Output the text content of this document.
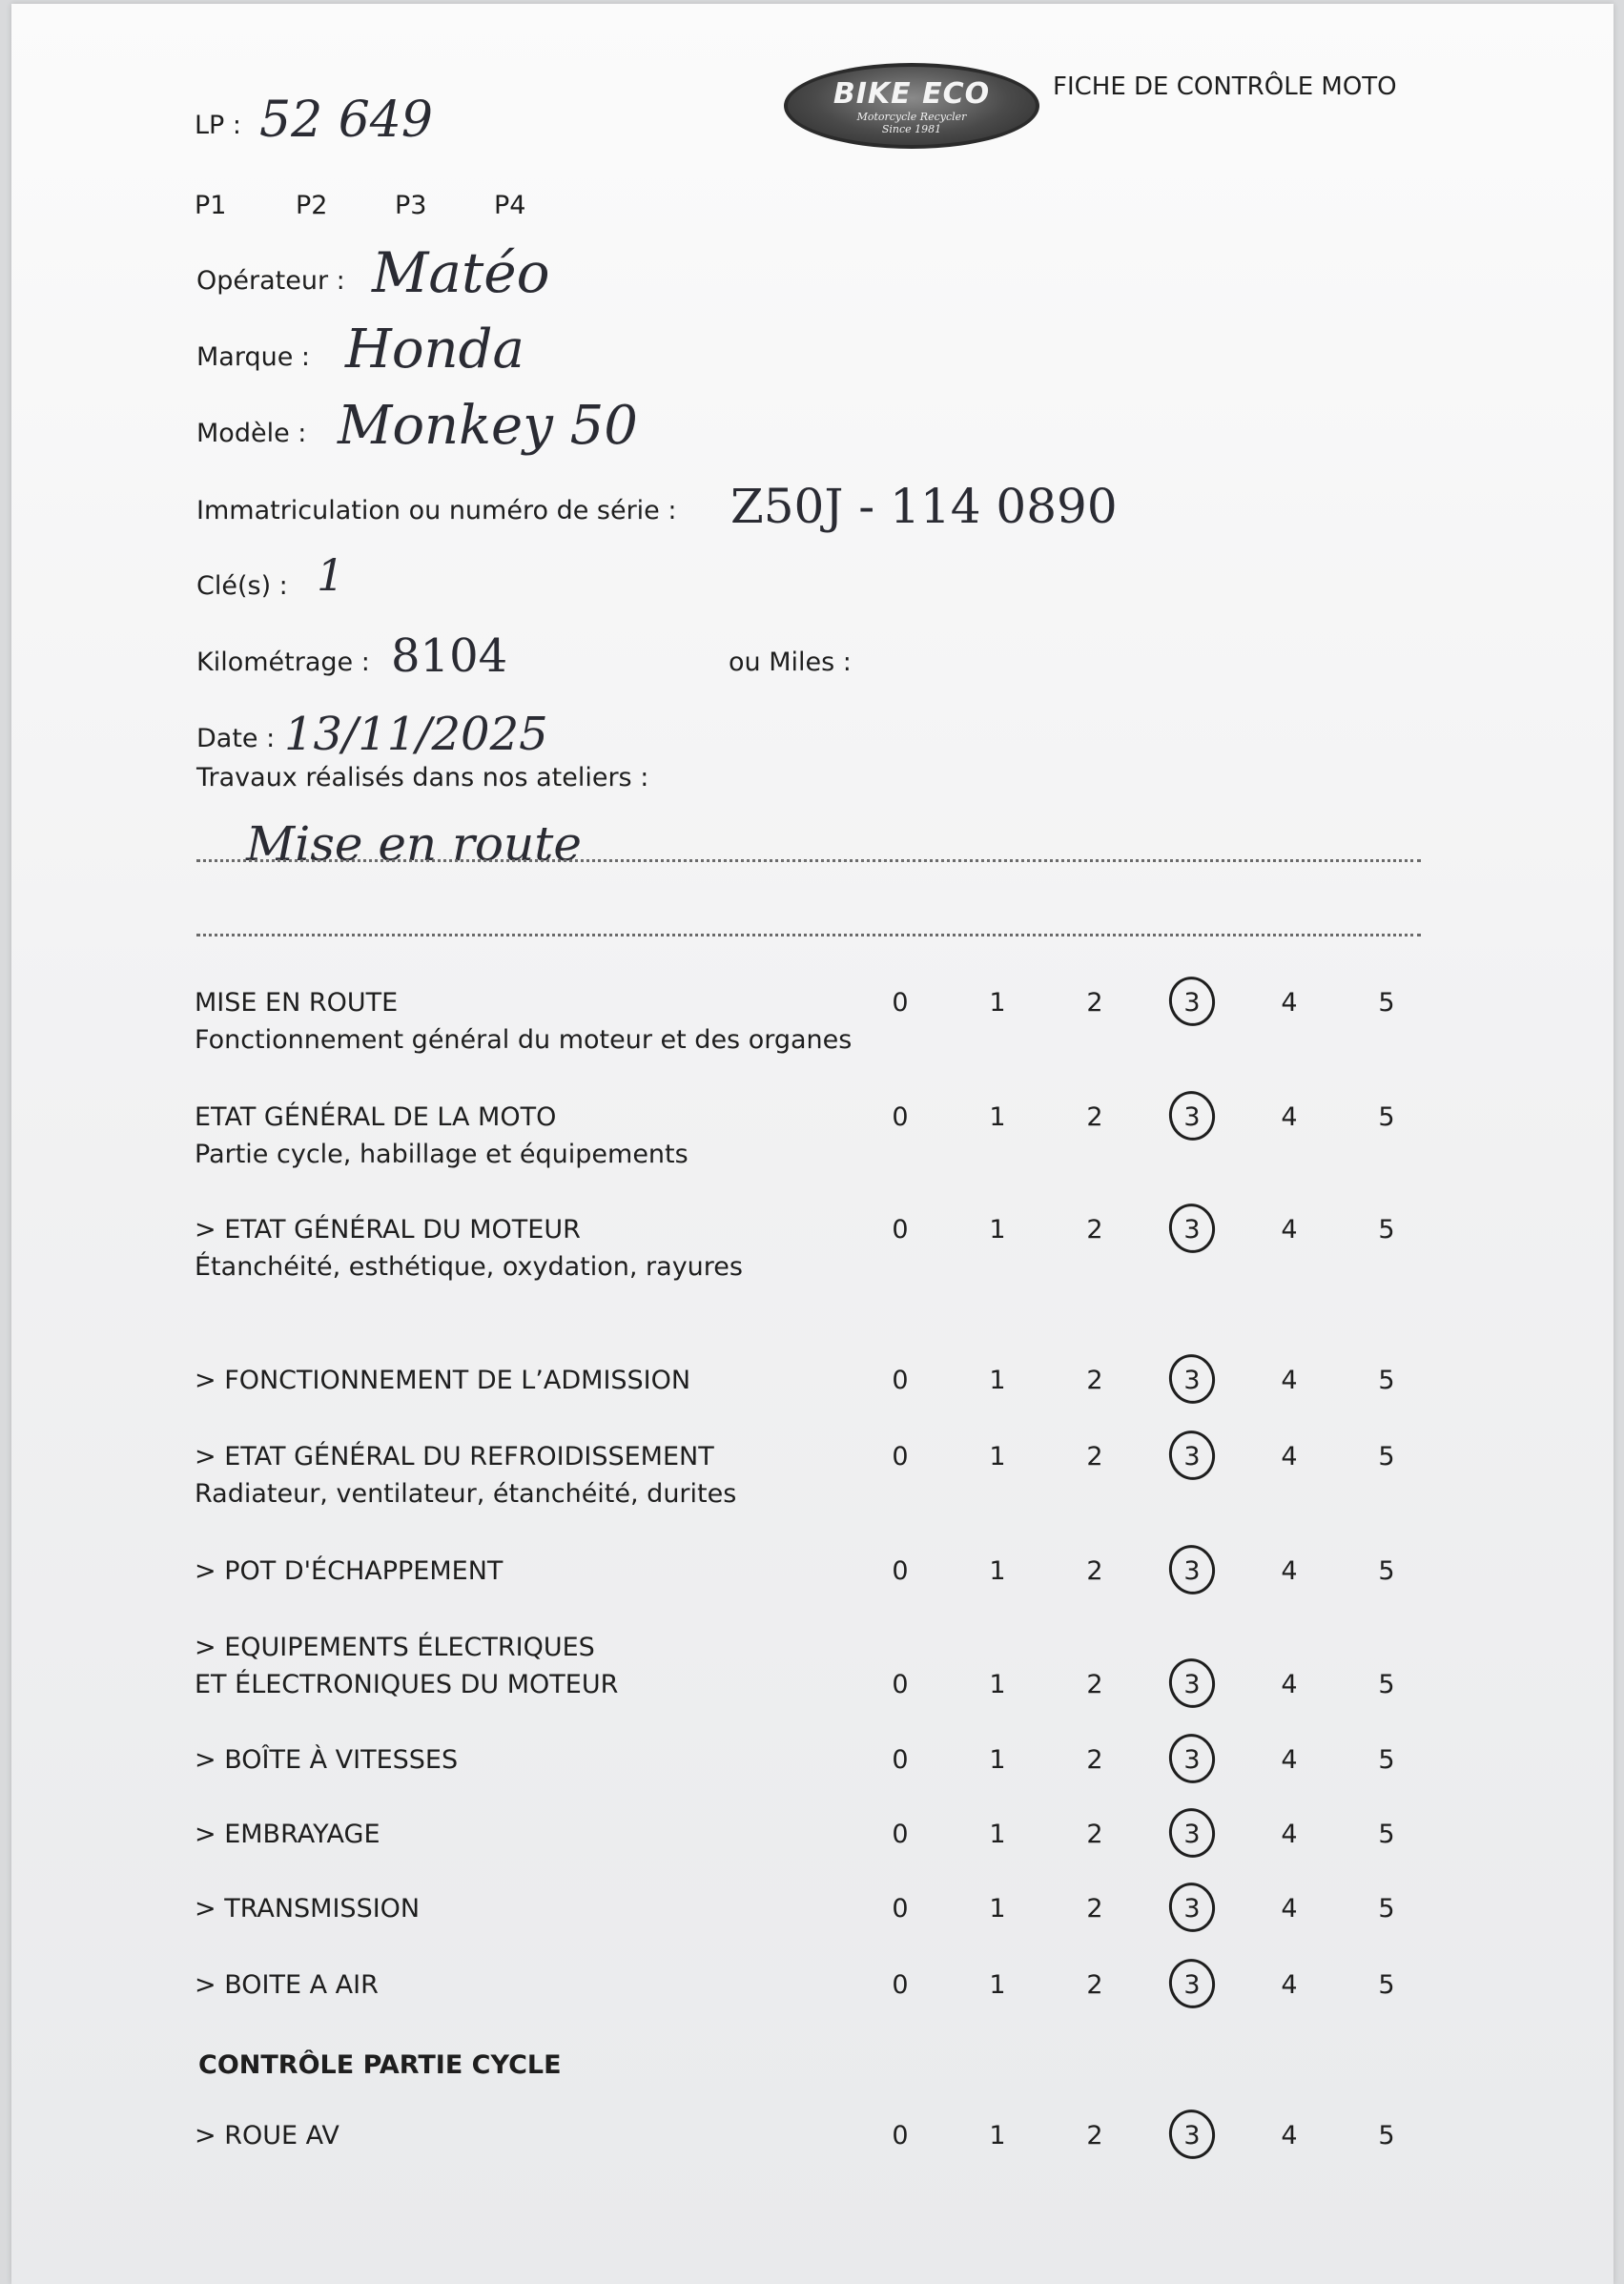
BIKE ECO
Motorcycle Recycler
Since 1981
FICHE DE CONTRÔLE MOTO
LP : 52 649
P1	P2	P3	P4
Opérateur : Matéo
Marque : Honda
Modèle : Monkey 50
Immatriculation ou numéro de série : Z50J - 114 0890
Clé(s) : 1
Kilométrage : 8104	ou Miles :
Date : 13/11/2025
Travaux réalisés dans nos ateliers :
Mise en route
MISE EN ROUTE
Fonctionnement général du moteur et des organes
0	1	2	3	4	5
ETAT GÉNÉRAL DE LA MOTO
Partie cycle, habillage et équipements
0	1	2	3	4	5
> ETAT GÉNÉRAL DU MOTEUR
Étanchéité, esthétique, oxydation, rayures
0	1	2	3	4	5
> FONCTIONNEMENT DE L’ADMISSION	0	1	2	3	4	5
> ETAT GÉNÉRAL DU REFROIDISSEMENT
Radiateur, ventilateur, étanchéité, durites
0	1	2	3	4	5
> POT D'ÉCHAPPEMENT	0	1	2	3	4	5
> EQUIPEMENTS ÉLECTRIQUES
ET ÉLECTRONIQUES DU MOTEUR	0	1	2	3	4	5
> BOÎTE À VITESSES	0	1	2	3	4	5
> EMBRAYAGE	0	1	2	3	4	5
> TRANSMISSION	0	1	2	3	4	5
> BOITE A AIR	0	1	2	3	4	5
CONTRÔLE PARTIE CYCLE
> ROUE AV	0	1	2	3	4	5
